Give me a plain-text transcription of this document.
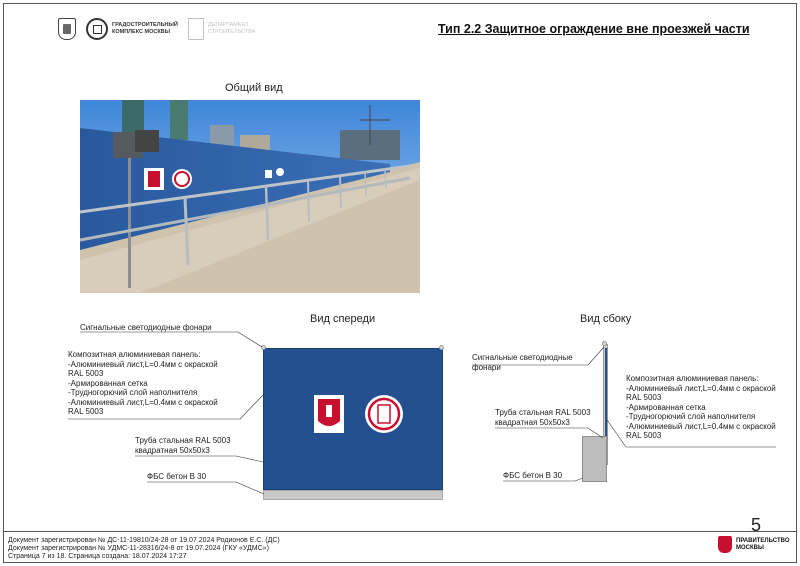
ГРАДОСТРОИТЕЛЬНЫЙ КОМПЛЕКС МОСКВЫ
ДЕПАРТАМЕНТ СТРОИТЕЛЬСТВА	Тип 2.2 Защитное ограждение вне проезжей части
Общий вид
Вид спереди	Вид сбоку
Сигнальные светодиодные фонари
Композитная алюминиевая панель:
-Алюминиевый лист,L=0.4мм с окраской
RAL 5003
-Армированная сетка
-Трудногорючий слой наполнителя
-Алюминиевый лист,L=0.4мм с окраской
RAL 5003
Труба стальная RAL 5003
квадратная 50x50x3
ФБС бетон В 30
Сигнальные светодиодные
фонари
Труба стальная RAL 5003
квадратная 50x50x3
ФБС бетон В 30
Композитная алюминиевая панель:
-Алюминиевый лист,L=0.4мм с окраской
RAL 5003
-Армированная сетка
-Трудногорючий слой наполнителя
-Алюминиевый лист,L=0.4мм с окраской
RAL 5003
Документ зарегистрирован № ДС-11-19810/24-28 от 19.07.2024 Родионов Е.С. (ДС)
Документ зарегистрирован № УДМС-11-28316/24-8 от 19.07.2024 (ГКУ «УДМС»)
Страница 7 из 18. Страница создана: 18.07.2024 17:27
5
ПРАВИТЕЛЬСТВО
МОСКВЫ
